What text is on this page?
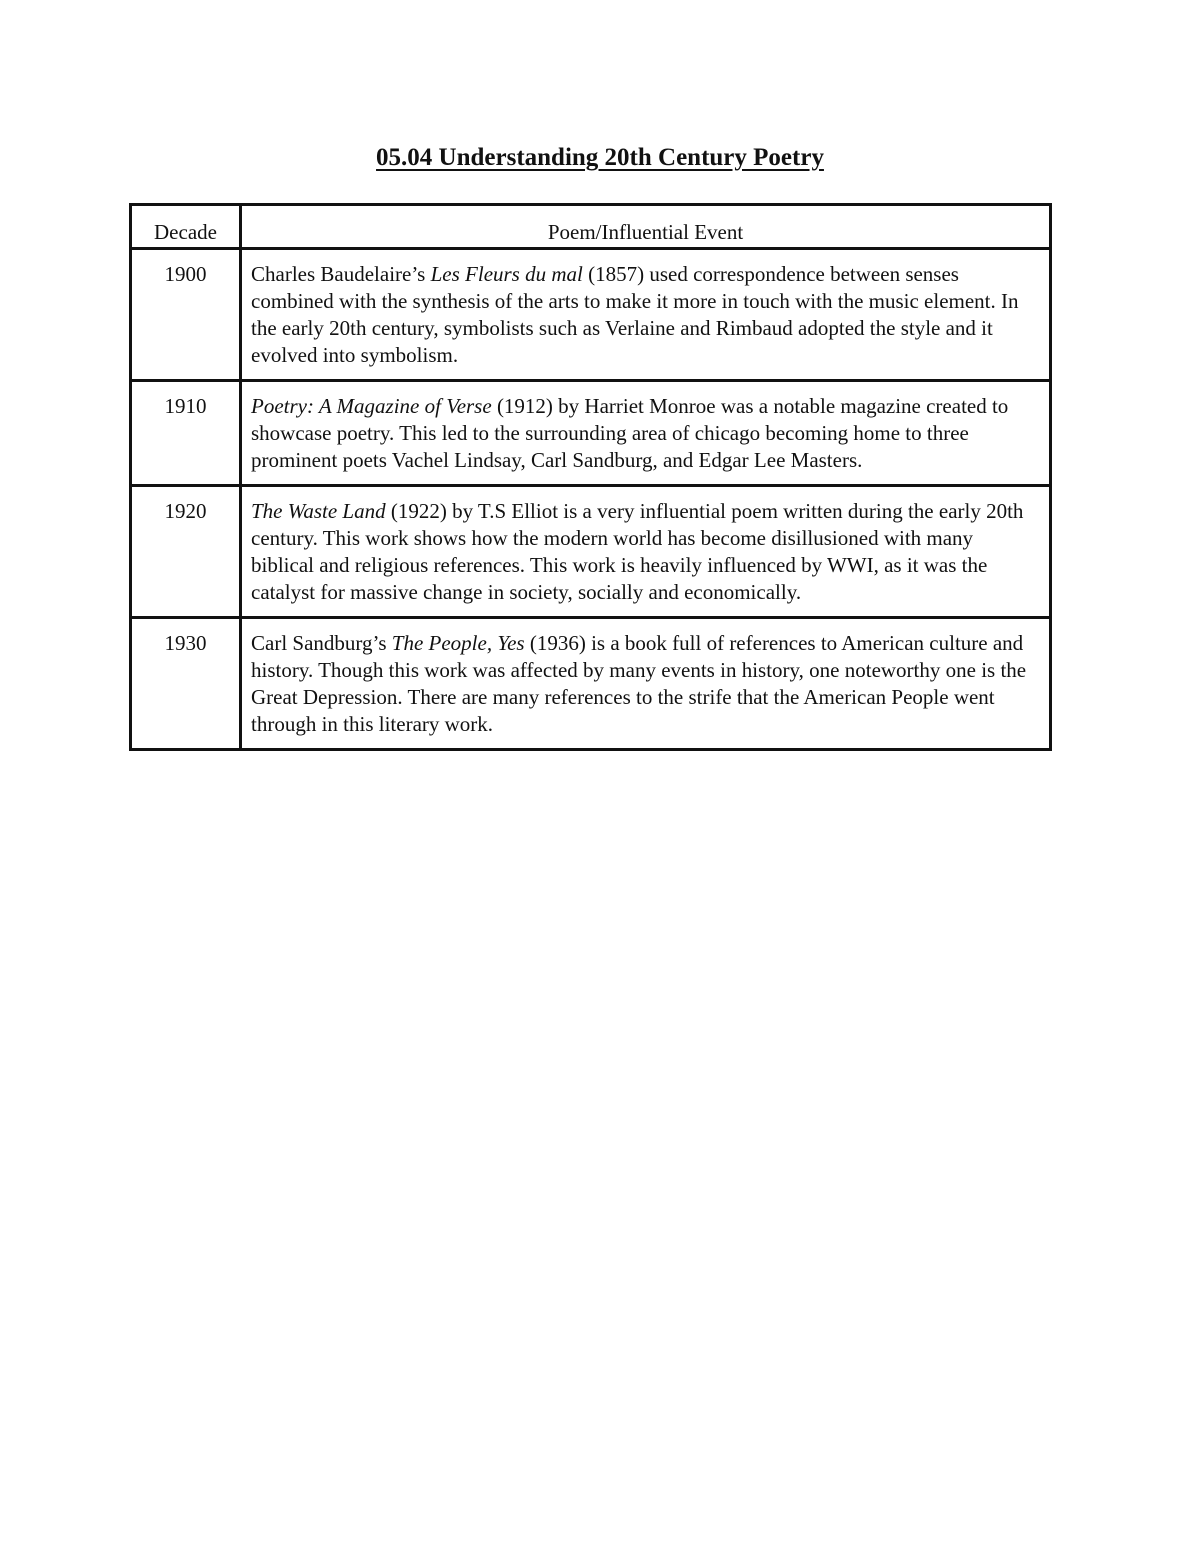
05.04 Understanding 20th Century Poetry
Decade	Poem/Influential Event
1900	Charles Baudelaire’s Les Fleurs du mal (1857) used correspondence between senses combined with the synthesis of the arts to make it more in touch with the music element. In the early 20th century, symbolists such as Verlaine and Rimbaud adopted the style and it evolved into symbolism.
1910	Poetry: A Magazine of Verse (1912) by Harriet Monroe was a notable magazine created to showcase poetry. This led to the surrounding area of chicago becoming home to three prominent poets Vachel Lindsay, Carl Sandburg, and Edgar Lee Masters.
1920	The Waste Land (1922) by T.S Elliot is a very influential poem written during the early 20th century. This work shows how the modern world has become disillusioned with many biblical and religious references. This work is heavily influenced by WWI, as it was the catalyst for massive change in society, socially and economically.
1930	Carl Sandburg’s The People, Yes (1936) is a book full of references to American culture and history. Though this work was affected by many events in history, one noteworthy one is the Great Depression. There are many references to the strife that the American People went through in this literary work.
